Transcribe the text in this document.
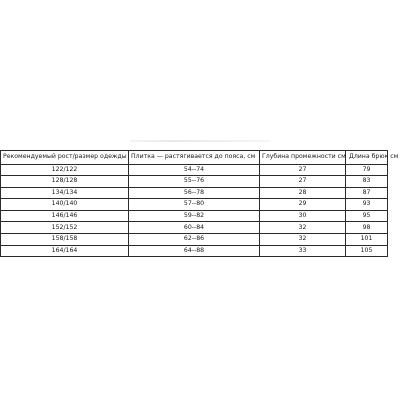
Рекомендуемый рост/размер одежды	Плитка — растягивается до пояса, см	Глубина промежности см	Длина брюк см
122/122	54--74	27	79
128/128	55--76	27	83
134/134	56--78	28	87
140/140	57--80	29	93
146/146	59--82	30	95
152/152	60--84	32	98
158/158	62--86	32	101
164/164	64--88	33	105
